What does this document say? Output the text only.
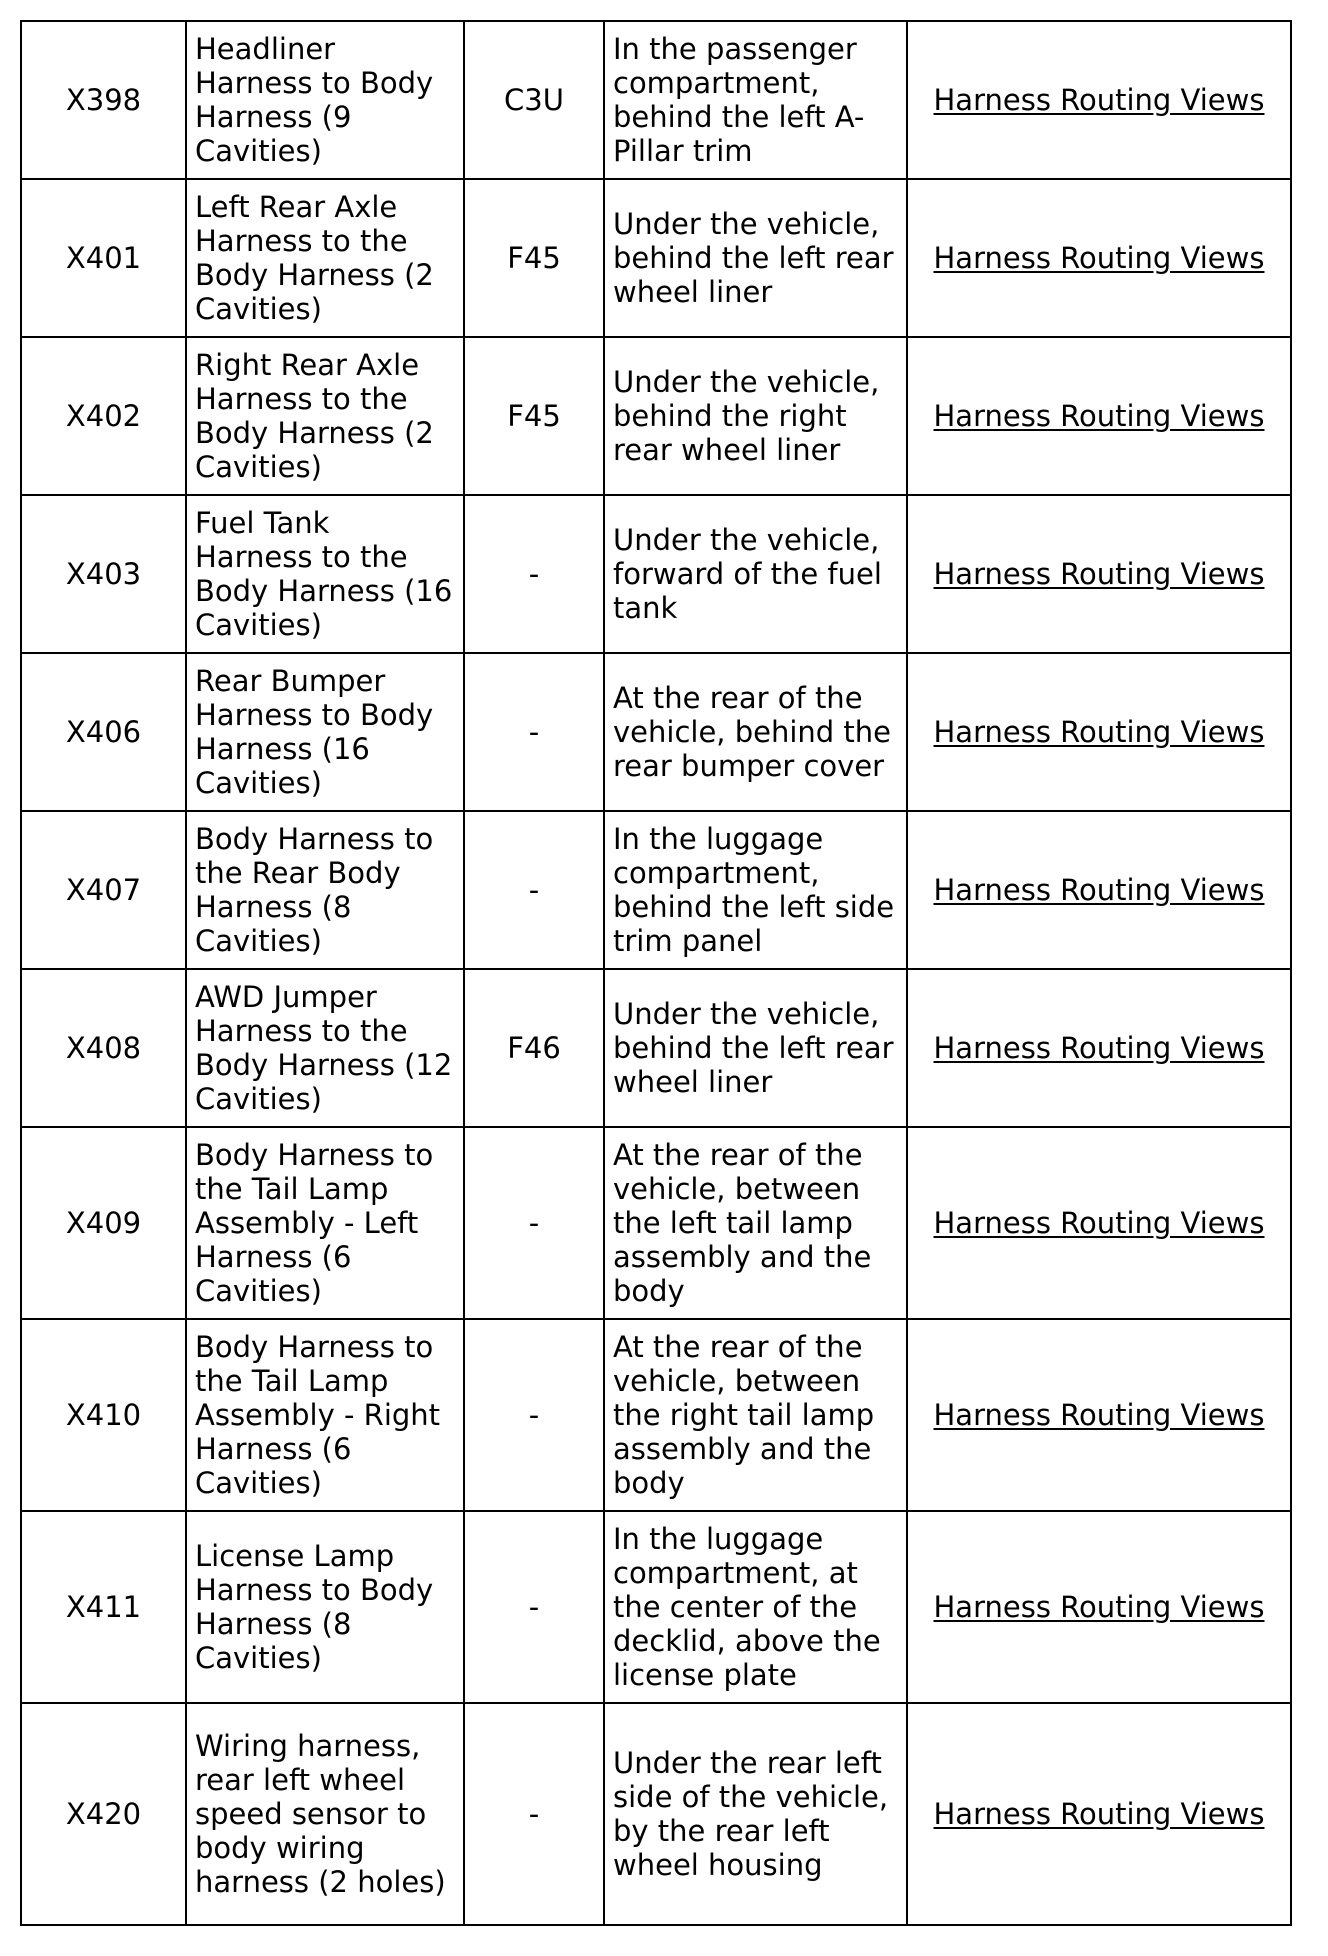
X398	Headliner Harness to Body Harness (9 Cavities)	C3U	In the passenger compartment, behind the left A-Pillar trim	Harness Routing Views
X401	Left Rear Axle Harness to the Body Harness (2 Cavities)	F45	Under the vehicle, behind the left rear wheel liner	Harness Routing Views
X402	Right Rear Axle Harness to the Body Harness (2 Cavities)	F45	Under the vehicle, behind the right rear wheel liner	Harness Routing Views
X403	Fuel Tank Harness to the Body Harness (16 Cavities)	-	Under the vehicle, forward of the fuel tank	Harness Routing Views
X406	Rear Bumper Harness to Body Harness (16 Cavities)	-	At the rear of the vehicle, behind the rear bumper cover	Harness Routing Views
X407	Body Harness to the Rear Body Harness (8 Cavities)	-	In the luggage compartment, behind the left side trim panel	Harness Routing Views
X408	AWD Jumper Harness to the Body Harness (12 Cavities)	F46	Under the vehicle, behind the left rear wheel liner	Harness Routing Views
X409	Body Harness to the Tail Lamp Assembly - Left Harness (6 Cavities)	-	At the rear of the vehicle, between the left tail lamp assembly and the body	Harness Routing Views
X410	Body Harness to the Tail Lamp Assembly - Right Harness (6 Cavities)	-	At the rear of the vehicle, between the right tail lamp assembly and the body	Harness Routing Views
X411	License Lamp Harness to Body Harness (8 Cavities)	-	In the luggage compartment, at the center of the decklid, above the license plate	Harness Routing Views
X420	Wiring harness, rear left wheel speed sensor to body wiring harness (2 holes)	-	Under the rear left side of the vehicle, by the rear left wheel housing	Harness Routing Views
